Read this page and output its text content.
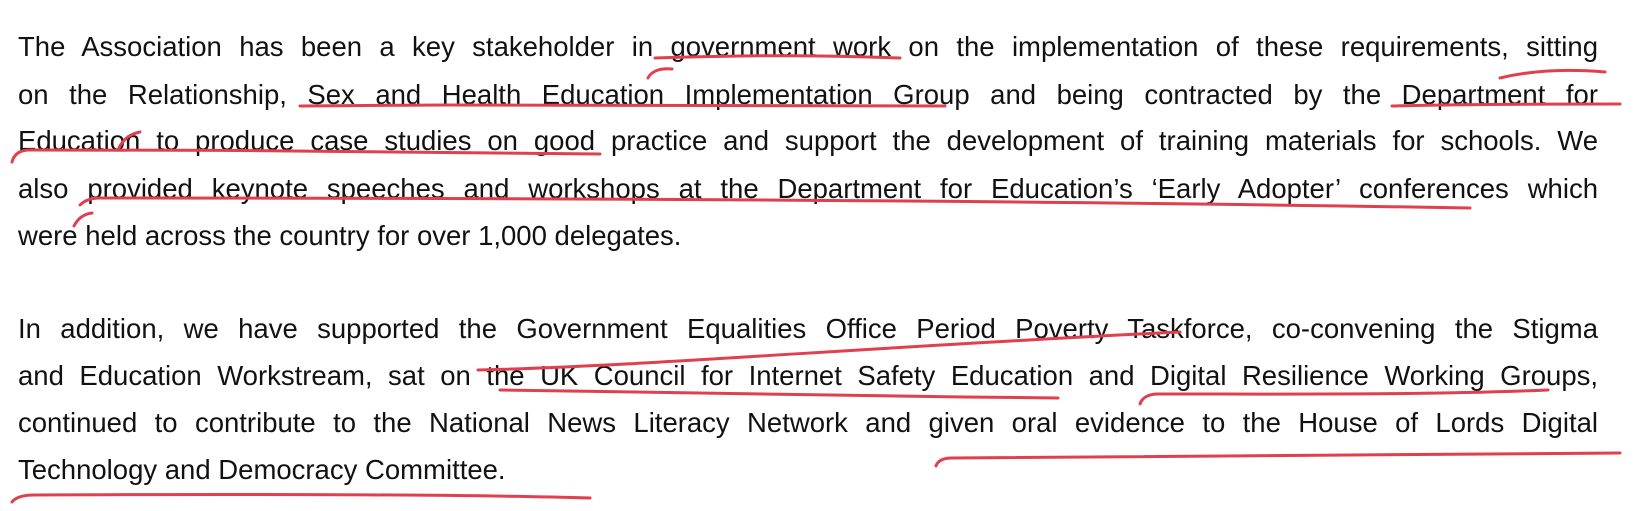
The Association has been a key stakeholder in government work on the implementation of these requirements, sitting
on the Relationship, Sex and Health Education Implementation Group and being contracted by the Department for
Education to produce case studies on good practice and support the development of training materials for schools. We
also provided keynote speeches and workshops at the Department for Education’s ‘Early Adopter’ conferences which
were held across the country for over 1,000 delegates.
In addition, we have supported the Government Equalities Office Period Poverty Taskforce, co-convening the Stigma
and Education Workstream, sat on the UK Council for Internet Safety Education and Digital Resilience Working Groups,
continued to contribute to the National News Literacy Network and given oral evidence to the House of Lords Digital
Technology and Democracy Committee.
